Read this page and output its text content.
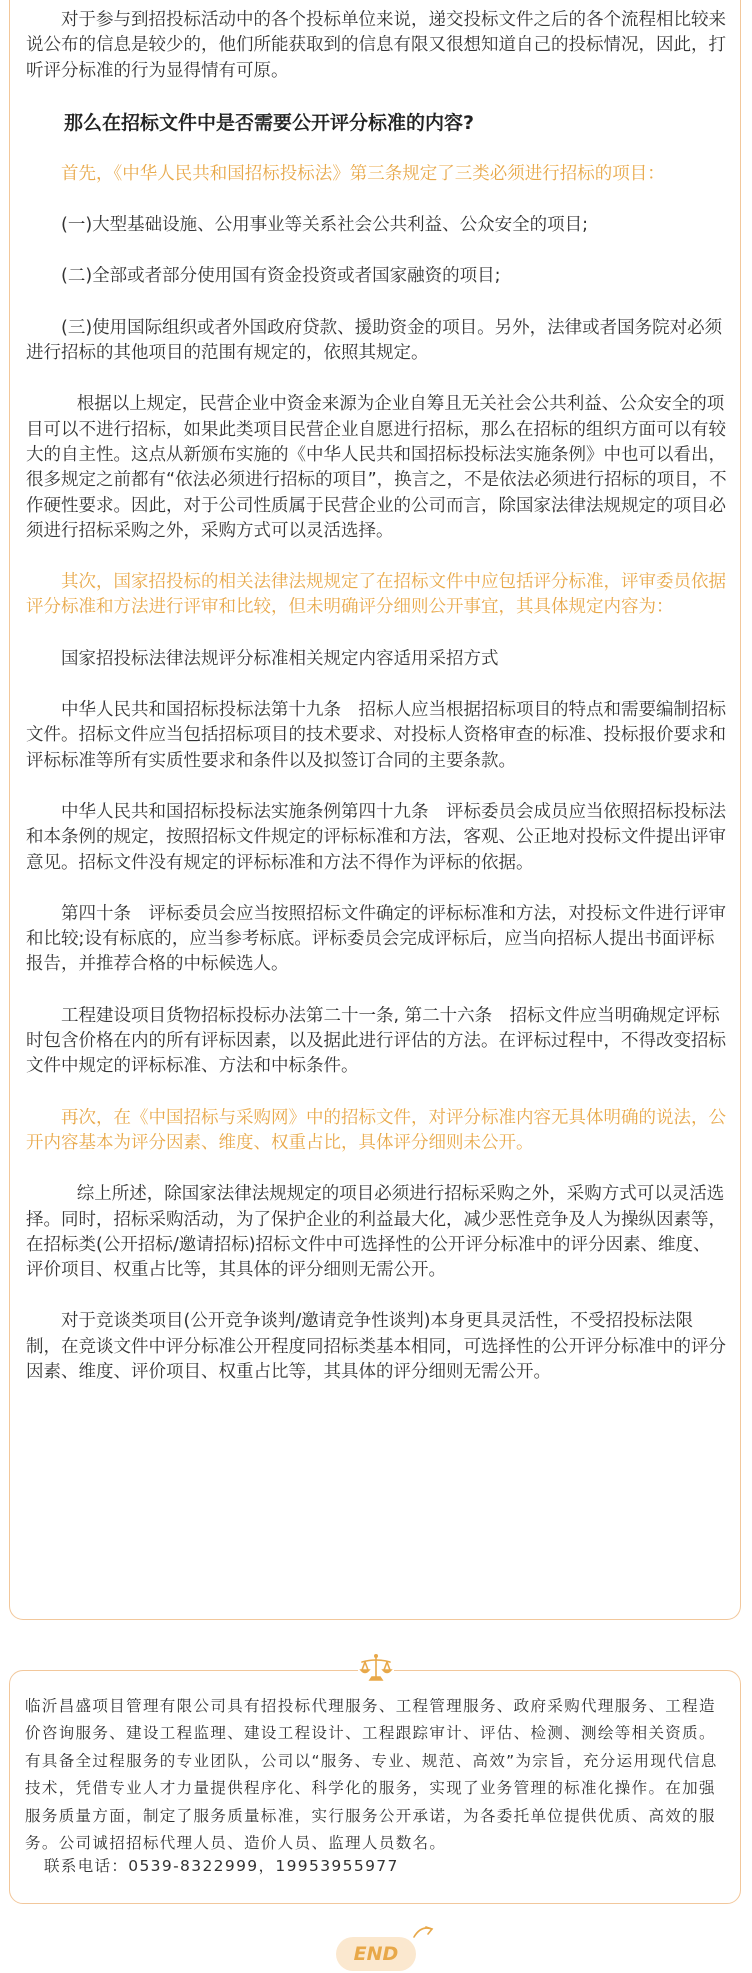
对于参与到招投标活动中的各个投标单位来说，递交投标文件之后的各个流程相比较来说公布的信息是较少的，他们所能获取到的信息有限又很想知道自己的投标情况，因此，打听评分标准的行为显得情有可原。

那么在招标文件中是否需要公开评分标准的内容?

首先，《中华人民共和国招标投标法》第三条规定了三类必须进行招标的项目：

(一)大型基础设施、公用事业等关系社会公共利益、公众安全的项目;

(二)全部或者部分使用国有资金投资或者国家融资的项目;

(三)使用国际组织或者外国政府贷款、援助资金的项目。另外，法律或者国务院对必须进行招标的其他项目的范围有规定的，依照其规定。

根据以上规定，民营企业中资金来源为企业自筹且无关社会公共利益、公众安全的项目可以不进行招标，如果此类项目民营企业自愿进行招标，那么在招标的组织方面可以有较大的自主性。这点从新颁布实施的《中华人民共和国招标投标法实施条例》中也可以看出，很多规定之前都有“依法必须进行招标的项目”，换言之，不是依法必须进行招标的项目，不作硬性要求。因此，对于公司性质属于民营企业的公司而言，除国家法律法规规定的项目必须进行招标采购之外，采购方式可以灵活选择。

其次，国家招投标的相关法律法规规定了在招标文件中应包括评分标准，评审委员依据评分标准和方法进行评审和比较，但未明确评分细则公开事宜，其具体规定内容为：

国家招投标法律法规评分标准相关规定内容适用采招方式

中华人民共和国招标投标法第十九条　招标人应当根据招标项目的特点和需要编制招标文件。招标文件应当包括招标项目的技术要求、对投标人资格审查的标准、投标报价要求和评标标准等所有实质性要求和条件以及拟签订合同的主要条款。

中华人民共和国招标投标法实施条例第四十九条　评标委员会成员应当依照招标投标法和本条例的规定，按照招标文件规定的评标标准和方法，客观、公正地对投标文件提出评审意见。招标文件没有规定的评标标准和方法不得作为评标的依据。

第四十条　评标委员会应当按照招标文件确定的评标标准和方法，对投标文件进行评审和比较;设有标底的，应当参考标底。评标委员会完成评标后，应当向招标人提出书面评标报告，并推荐合格的中标候选人。

工程建设项目货物招标投标办法第二十一条, 第二十六条　招标文件应当明确规定评标时包含价格在内的所有评标因素，以及据此进行评估的方法。在评标过程中，不得改变招标文件中规定的评标标准、方法和中标条件。

再次，在《中国招标与采购网》中的招标文件，对评分标准内容无具体明确的说法，公开内容基本为评分因素、维度、权重占比，具体评分细则未公开。

综上所述，除国家法律法规规定的项目必须进行招标采购之外，采购方式可以灵活选择。同时，招标采购活动，为了保护企业的利益最大化，减少恶性竞争及人为操纵因素等，在招标类(公开招标/邀请招标)招标文件中可选择性的公开评分标准中的评分因素、维度、评价项目、权重占比等，其具体的评分细则无需公开。

对于竞谈类项目(公开竞争谈判/邀请竞争性谈判)本身更具灵活性，不受招投标法限制，在竞谈文件中评分标准公开程度同招标类基本相同，可选择性的公开评分标准中的评分因素、维度、评价项目、权重占比等，其具体的评分细则无需公开。

临沂昌盛项目管理有限公司具有招投标代理服务、工程管理服务、政府采购代理服务、工程造价咨询服务、建设工程监理、建设工程设计、工程跟踪审计、评估、检测、测绘等相关资质。有具备全过程服务的专业团队，公司以“服务、专业、规范、高效”为宗旨，充分运用现代信息技术，凭借专业人才力量提供程序化、科学化的服务，实现了业务管理的标准化操作。在加强服务质量方面，制定了服务质量标准，实行服务公开承诺，为各委托单位提供优质、高效的服务。公司诚招招标代理人员、造价人员、监理人员数名。

联系电话：0539-8322999，19953955977

END
